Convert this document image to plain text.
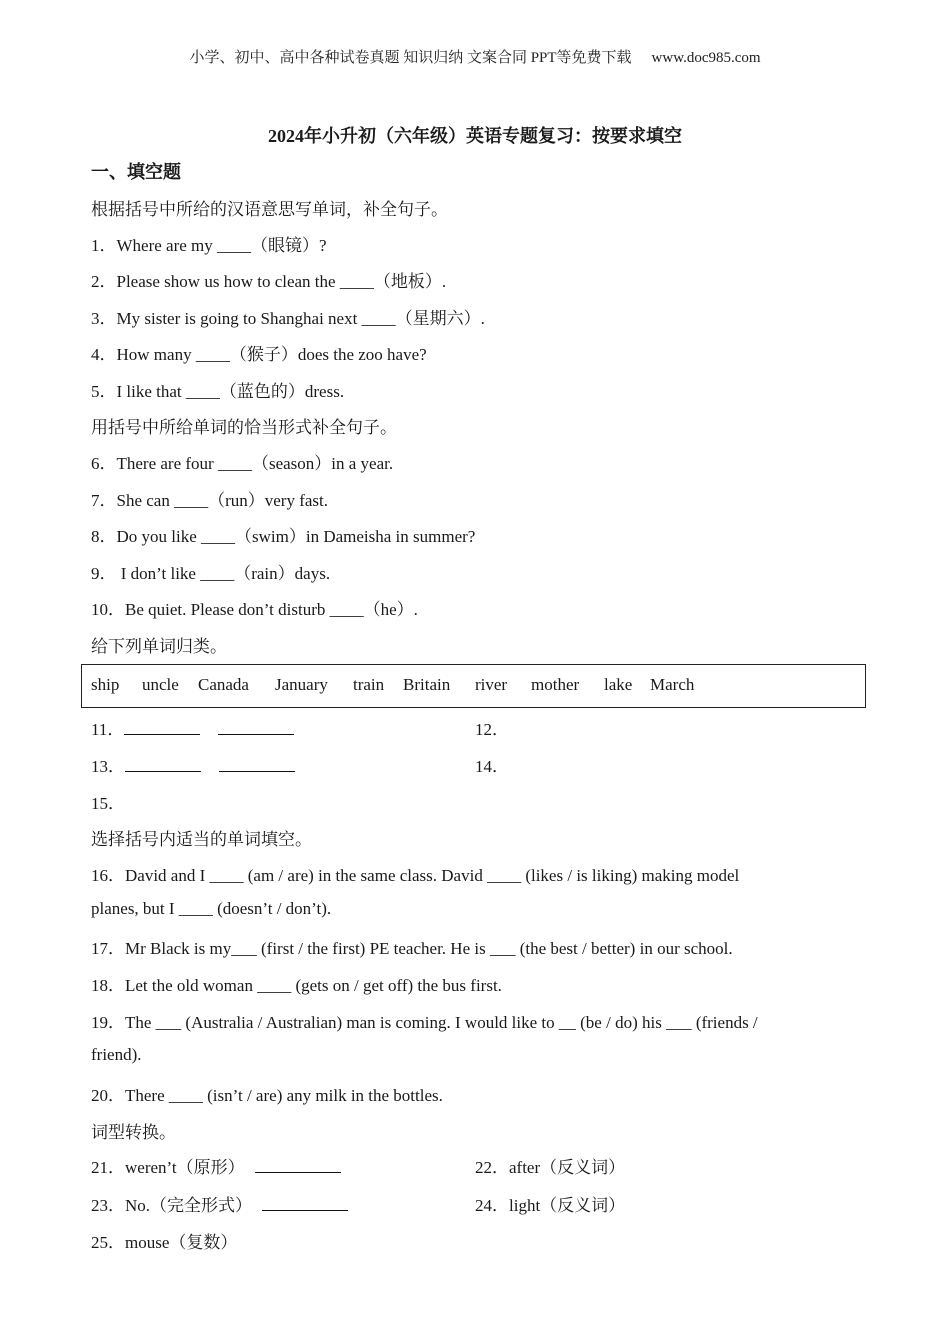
小学、初中、高中各种试卷真题 知识归纳 文案合同 PPT等免费下载 www.doc985.com
2024年小升初（六年级）英语专题复习：按要求填空
一、填空题
根据括号中所给的汉语意思写单词，补全句子。
1．Where are my ____（眼镜）?
2．Please show us how to clean the ____（地板）.
3．My sister is going to Shanghai next ____（星期六）.
4．How many ____（猴子）does the zoo have?
5．I like that ____（蓝色的）dress.
用括号中所给单词的恰当形式补全句子。
6．There are four ____（season）in a year.
7．She can ____（run）very fast.
8．Do you like ____（swim）in Dameisha in summer?
9． I don’t like ____（rain）days.
10．Be quiet. Please don’t disturb ____（he）.
给下列单词归类。
ship uncle Canada January train Britain river mother lake March
11．	12．
13．	14．
15．
选择括号内适当的单词填空。
16．David and I ____ (am / are) in the same class. David ____ (likes / is liking) making model
planes, but I ____ (doesn’t / don’t).
17．Mr Black is my___ (first / the first) PE teacher. He is ___ (the best / better) in our school.
18．Let the old woman ____ (gets on / get off) the bus first.
19．The ___ (Australia / Australian) man is coming. I would like to __ (be / do) his ___ (friends /
friend).
20．There ____ (isn’t / are) any milk in the bottles.
词型转换。
21．weren’t（原形）	22．after（反义词）
23．No.（完全形式）	24．light（反义词）
25．mouse（复数）
